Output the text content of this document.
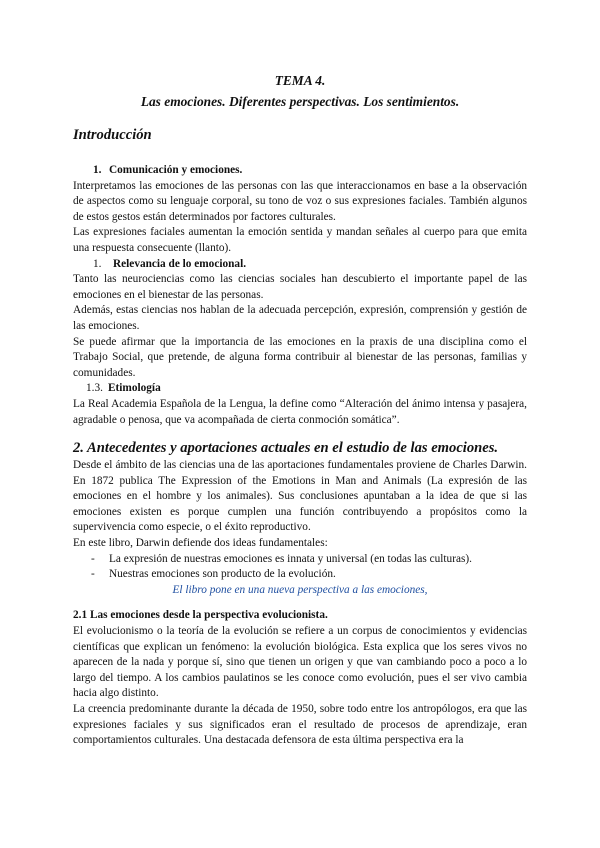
TEMA 4.
Las emociones. Diferentes perspectivas. Los sentimientos.
Introducción
1. Comunicación y emociones.

Interpretamos las emociones de las personas con las que interaccionamos en base a la observación de aspectos como su lenguaje corporal, su tono de voz o sus expresiones faciales. También algunos de estos gestos están determinados por factores culturales.

Las expresiones faciales aumentan la emoción sentida y mandan señales al cuerpo para que emita una respuesta consecuente (llanto).

1.	Relevancia de lo emocional.

Tanto las neurociencias como las ciencias sociales han descubierto el importante papel de las emociones en el bienestar de las personas.

Además, estas ciencias nos hablan de la adecuada percepción, expresión, comprensión y gestión de las emociones.

Se puede afirmar que la importancia de las emociones en la praxis de una disciplina como el Trabajo Social, que pretende, de alguna forma contribuir al bienestar de las personas, familias y comunidades.

1.3. Etimología

La Real Academia Española de la Lengua, la define como “Alteración del ánimo intensa y pasajera, agradable o penosa, que va acompañada de cierta conmoción somática”.

2. Antecedentes y aportaciones actuales en el estudio de las emociones.

Desde el ámbito de las ciencias una de las aportaciones fundamentales proviene de Charles Darwin. En 1872 publica The Expression of the Emotions in Man and Animals (La expresión de las emociones en el hombre y los animales). Sus conclusiones apuntaban a la idea de que si las emociones existen es porque cumplen una función contribuyendo a propósitos como la supervivencia como especie, o el éxito reproductivo.

En este libro, Darwin defiende dos ideas fundamentales:

-	La expresión de nuestras emociones es innata y universal (en todas las culturas).
-	Nuestras emociones son producto de la evolución.

El libro pone en una nueva perspectiva a las emociones,

2.1 Las emociones desde la perspectiva evolucionista.

El evolucionismo o la teoría de la evolución se refiere a un corpus de conocimientos y evidencias científicas que explican un fenómeno: la evolución biológica. Esta explica que los seres vivos no aparecen de la nada y porque sí, sino que tienen un origen y que van cambiando poco a poco a lo largo del tiempo. A los cambios paulatinos se les conoce como evolución, pues el ser vivo cambia hacia algo distinto.

La creencia predominante durante la década de 1950, sobre todo entre los antropólogos, era que las expresiones faciales y sus significados eran el resultado de procesos de aprendizaje, eran comportamientos culturales. Una destacada defensora de esta última perspectiva era la
